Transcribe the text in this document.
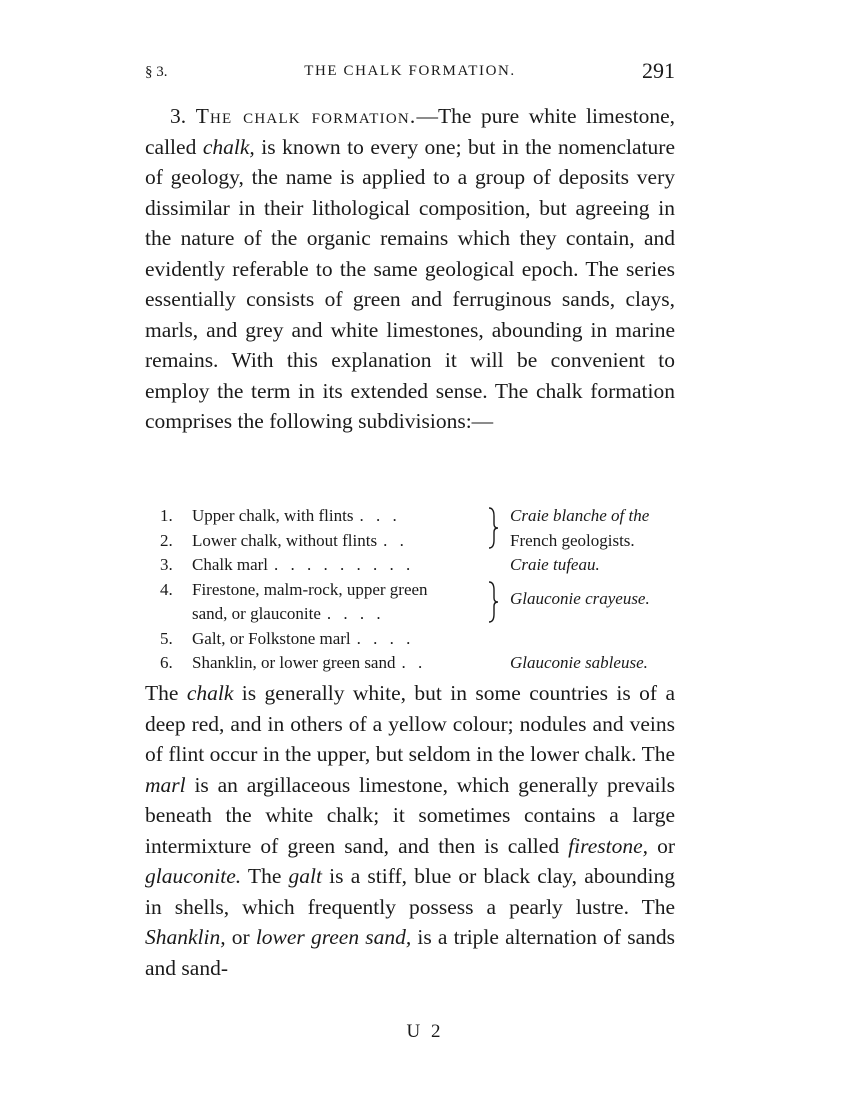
§ 3.	THE CHALK FORMATION.	291
3. The chalk formation.—The pure white limestone, called chalk, is known to every one; but in the nomenclature of geology, the name is applied to a group of deposits very dissimilar in their lithological composition, but agreeing in the nature of the organic remains which they contain, and evidently referable to the same geological epoch. The series essentially consists of green and ferruginous sands, clays, marls, and grey and white limestones, abounding in marine remains. With this explanation it will be convenient to employ the term in its extended sense. The chalk formation comprises the following subdivisions:—
1. Upper chalk, with flints . . .	Craie blanche of the
2. Lower chalk, without flints . .	French geologists.
3. Chalk marl . . . . . . . . .	Craie tufeau.
4. Firestone, malm-rock, upper green	Glauconie crayeuse.
sand, or glauconite . . . .
5. Galt, or Folkstone marl . . . .
6. Shanklin, or lower green sand . .	Glauconie sableuse.
The chalk is generally white, but in some countries is of a deep red, and in others of a yellow colour; nodules and veins of flint occur in the upper, but seldom in the lower chalk. The marl is an argillaceous limestone, which generally prevails beneath the white chalk; it sometimes contains a large intermixture of green sand, and then is called firestone, or glauconite. The galt is a stiff, blue or black clay, abounding in shells, which frequently possess a pearly lustre. The Shanklin, or lower green sand, is a triple alternation of sands and sand-
U 2
